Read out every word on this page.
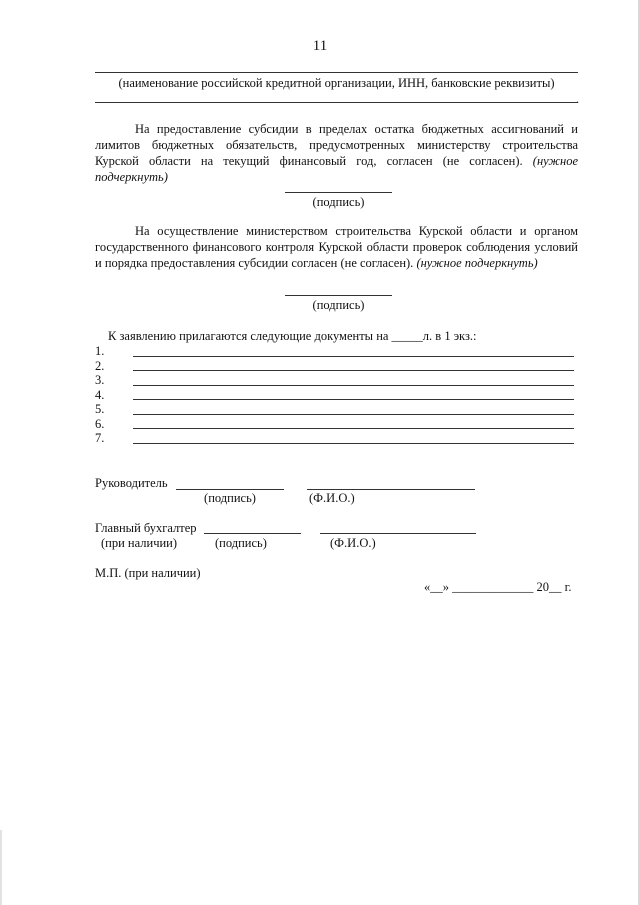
11
(наименование российской кредитной организации, ИНН, банковские реквизиты)
.
На предоставление субсидии в пределах остатка бюджетных ассигнований и лимитов бюджетных обязательств, предусмотренных министерству строительства Курской области на текущий финансовый год, согласен (не согласен). (нужное подчеркнуть)
(подпись)
На осуществление министерством строительства Курской области и органом государственного финансового контроля Курской области проверок соблюдения условий и порядка предоставления субсидии согласен (не согласен). (нужное подчеркнуть)
(подпись)
К заявлению прилагаются следующие документы на _____л. в 1 экз.:
1.
2.
3.
4.
5.
6.
7.
Руководитель
(подпись)	(Ф.И.О.)
Главный бухгалтер
(при наличии)	(подпись)	(Ф.И.О.)
М.П. (при наличии)
«__» _____________ 20__ г.
